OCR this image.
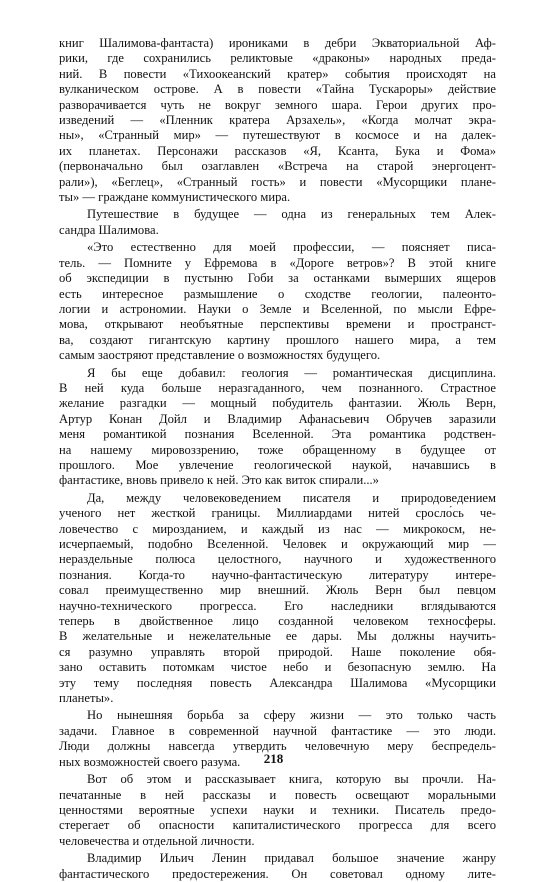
книг Шалимова-фантаста) ирониками в дебри Экваториальной Аф-
рики, где сохранились реликтовые «драконы» народных преда-
ний. В повести «Тихоокеанский кратер» события происходят на
вулканическом острове. А в повести «Тайна Тускароры» действие
разворачивается чуть не вокруг земного шара. Герои других про-
изведений — «Пленник кратера Арзахель», «Когда молчат экра-
ны», «Странный мир» — путешествуют в космосе и на далек-
их планетах. Персонажи рассказов «Я, Ксанта, Бука и Фома»
(первоначально был озаглавлен «Встреча на старой энергоцент-
рали»), «Беглец», «Странный гость» и повести «Мусорщики плане-
ты» — граждане коммунистического мира.
Путешествие в будущее — одна из генеральных тем Алек-
сандра Шалимова.
«Это естественно для моей профессии, — поясняет писа-
тель. — Помните у Ефремова в «Дороге ветров»? В этой книге
об экспедиции в пустыню Гоби за останками вымерших ящеров
есть интересное размышление о сходстве геологии, палеонто-
логии и астрономии. Науки о Земле и Вселенной, по мысли Ефре-
мова, открывают необъятные перспективы времени и пространст-
ва, создают гигантскую картину прошлого нашего мира, а тем
самым заостряют представление о возможностях будущего.
Я бы еще добавил: геология — романтическая дисциплина.
В ней куда больше неразгаданного, чем познанного. Страстное
желание разгадки — мощный побудитель фантазии. Жюль Верн,
Артур Конан Дойл и Владимир Афанасьевич Обручев заразили
меня романтикой познания Вселенной. Эта романтика родствен-
на нашему мировоззрению, тоже обращенному в будущее от
прошлого. Мое увлечение геологической наукой, начавшись в
фантастике, вновь привело к ней. Это как виток спирали...»
Да, между человековедением писателя и природоведением
ученого нет жесткой границы. Миллиардами нитей сросло́сь че-
ловечество с мирозданием, и каждый из нас — микрокосм, не-
исчерпаемый, подобно Вселенной. Человек и окружающий мир —
нераздельные полюса целостного, научного и художественного
познания. Когда-то научно-фантастическую литературу интере-
совал преимущественно мир внешний. Жюль Верн был певцом
научно-технического прогресса. Его наследники вглядываются
теперь в двойственное лицо созданной человеком техносферы.
В желательные и нежелательные ее дары. Мы должны научить-
ся разумно управлять второй природой. Наше поколение обя-
зано оставить потомкам чистое небо и безопасную землю. На
эту тему последняя повесть Александра Шалимова «Мусорщики
планеты».
Но нынешняя борьба за сферу жизни — это только часть
задачи. Главное в современной научной фантастике — это люди.
Люди должны навсегда утвердить человечную меру беспредель-
ных возможностей своего разума.
Вот об этом и рассказывает книга, которую вы прочли. На-
печатанные в ней рассказы и повесть освещают моральными
ценностями вероятные успехи науки и техники. Писатель предо-
стерегает об опасности капиталистического прогресса для всего
человечества и отдельной личности.
Владимир Ильич Ленин придавал большое значение жанру
фантастического предостережения. Он советовал одному лите-
218
